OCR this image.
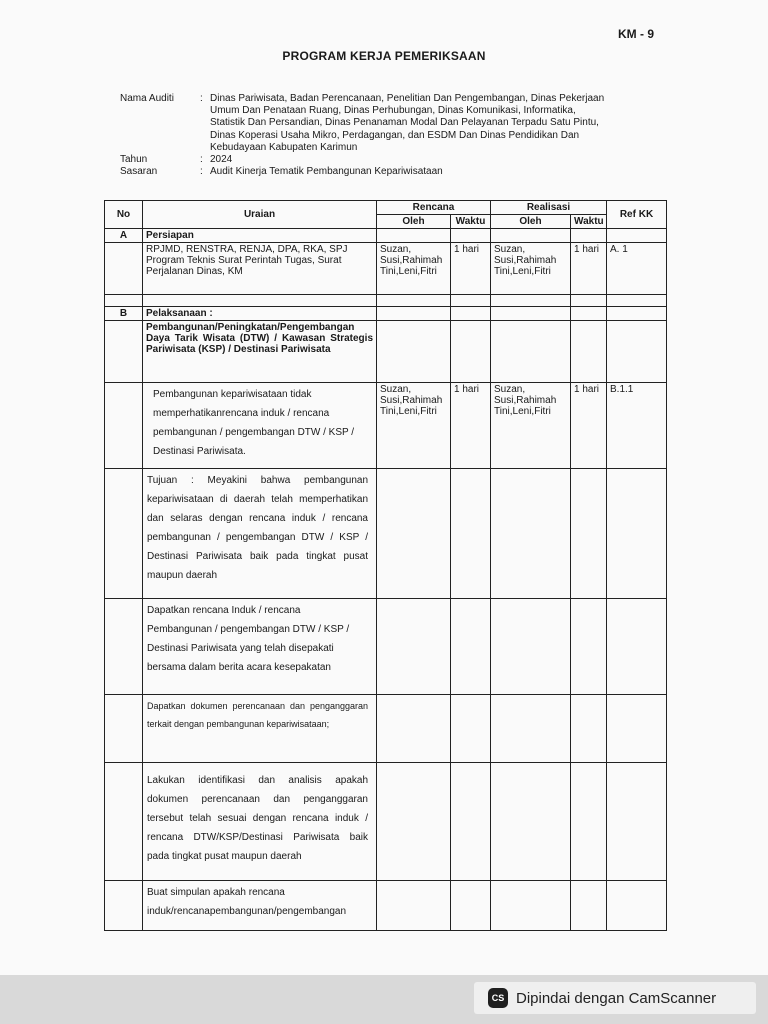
KM - 9
PROGRAM KERJA PEMERIKSAAN
Nama Auditi	: Dinas Pariwisata, Badan Perencanaan, Penelitian Dan Pengembangan, Dinas Pekerjaan Umum Dan Penataan Ruang, Dinas Perhubungan, Dinas Komunikasi, Informatika, Statistik Dan Persandian, Dinas Penanaman Modal Dan Pelayanan Terpadu Satu Pintu, Dinas Koperasi Usaha Mikro, Perdagangan, dan ESDM Dan Dinas Pendidikan Dan Kebudayaan Kabupaten Karimun
Tahun	: 2024
Sasaran	: Audit Kinerja Tematik Pembangunan Kepariwisataan
No	Uraian	Rencana		Realisasi		Ref KK
		Oleh	Waktu	Oleh	Waktu	
A	Persiapan					
	RPJMD, RENSTRA, RENJA, DPA, RKA, SPJ Program Teknis Surat Perintah Tugas, Surat Perjalanan Dinas, KM	Suzan, Susi,Rahimah Tini,Leni,Fitri	1 hari	Suzan, Susi,Rahimah Tini,Leni,Fitri	1 hari	A. 1

B	Pelaksanaan :					
	Pembangunan/Peningkatan/Pengembangan Daya Tarik Wisata (DTW) / Kawasan Strategis Pariwisata (KSP) / Destinasi Pariwisata					
	Pembangunan kepariwisataan tidak memperhatikanrencana induk / rencana pembangunan / pengembangan DTW / KSP / Destinasi Pariwisata.	Suzan, Susi,Rahimah Tini,Leni,Fitri	1 hari	Suzan, Susi,Rahimah Tini,Leni,Fitri	1 hari	B.1.1
	Tujuan : Meyakini bahwa pembangunan kepariwisataan di daerah telah memperhatikan dan selaras dengan rencana induk / rencana pembangunan / pengembangan DTW / KSP / Destinasi Pariwisata baik pada tingkat pusat maupun daerah					
	Dapatkan rencana Induk / rencana Pembangunan / pengembangan DTW / KSP / Destinasi Pariwisata yang telah disepakati bersama dalam berita acara kesepakatan					
	Dapatkan dokumen perencanaan dan penganggaran terkait dengan pembangunan kepariwisataan;					
	Lakukan identifikasi dan analisis apakah dokumen perencanaan dan penganggaran tersebut telah sesuai dengan rencana induk / rencana DTW/KSP/Destinasi Pariwisata baik pada tingkat pusat maupun daerah					
	Buat simpulan apakah rencana induk/rencanapembangunan/pengembangan					
CS Dipindai dengan CamScanner
